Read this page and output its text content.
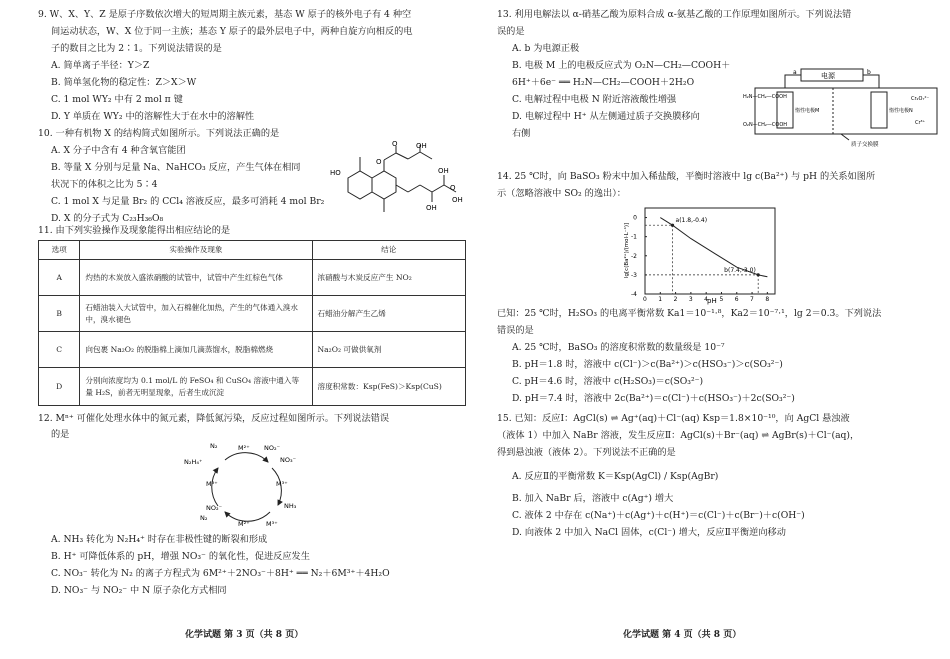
9. W、X、Y、Z 是原子序数依次增大的短周期主族元素，基态 W 原子的核外电子有 4 种空
间运动状态，W、X 位于同一主族；基态 Y 原子的最外层电子中，两种自旋方向相反的电
子的数目之比为 2∶1。下列说法错误的是
A. 简单离子半径：Y＞Z
B. 简单氢化物的稳定性：Z＞X＞W
C. 1 mol WY₂ 中有 2 mol π 键
D. Y 单质在 WY₂ 中的溶解性大于在水中的溶解性
10. 一种有机物 X 的结构简式如图所示。下列说法正确的是
A. X 分子中含有 4 种含氧官能团
B. 等量 X 分别与足量 Na、NaHCO₃ 反应，产生气体在相同
状况下的体积之比为 5∶4
C. 1 mol X 与足量 Br₂ 的 CCl₄ 溶液反应，最多可消耗 4 mol Br₂
D. X 的分子式为 C₂₃H₃₆O₈
HO
O
O	OH
OH
OH
O
OH
11. 由下列实验操作及现象能得出相应结论的是
选项	实验操作及现象	结论
A	灼热的木炭放入盛浓硝酸的试管中，试管中产生红棕色气体	浓硝酸与木炭反应产生 NO₂
B	石蜡油装入大试管中，加入石棉催化加热，产生的气体通入溴水中，溴水褪色	石蜡油分解产生乙烯
C	向包裹 Na₂O₂ 的脱脂棉上滴加几滴蒸馏水，脱脂棉燃烧	Na₂O₂ 可做供氧剂
D	分别向浓度均为 0.1 mol/L 的 FeSO₄ 和 CuSO₄ 溶液中通入等量 H₂S，前者无明显现象，后者生成沉淀	溶度积常数：Ksp(FeS)＞Ksp(CuS)
12. Mⁿ⁺ 可催化处理水体中的氮元素，降低氮污染，反应过程如图所示。下列说法错误
的是
N₂
N₂H₄⁺
M²⁺ NO₂⁻
NO₃⁻
M³⁺	M³⁺
NH₃
M²⁺
N₂
NO₂⁻
M³⁺
A. NH₃ 转化为 N₂H₄⁺ 时存在非极性键的断裂和形成
B. H⁺ 可降低体系的 pH，增强 NO₃⁻ 的氧化性，促进反应发生
C. NO₃⁻ 转化为 N₂ 的离子方程式为 6M²⁺＋2NO₃⁻＋8H⁺ ══ N₂＋6M³⁺＋4H₂O
D. NO₃⁻ 与 NO₂⁻ 中 N 原子杂化方式相同
化学试题 第 3 页（共 8 页）
13. 利用电解法以 α-硝基乙酸为原料合成 α-氨基乙酸的工作原理如图所示。下列说法错
误的是
A. b 为电源正极
B. 电极 M 上的电极反应式为 O₂N—CH₂—COOH＋
6H⁺＋6e⁻ ══ H₂N—CH₂—COOH＋2H₂O
C. 电解过程中电极 N 附近溶液酸性增强
D. 电解过程中 H⁺ 从左侧通过质子交换膜移向
右侧
a	电源	b
H₂N—CH₂—COOH
O₂N—CH₂—COOH
惰性电极M	惰性电极N
Cr₂O₇²⁻
Cr³⁺
质子交换膜
14. 25 ℃时，向 BaSO₃ 粉末中加入稀盐酸，平衡时溶液中 lg c(Ba²⁺) 与 pH 的关系如图所
示（忽略溶液中 SO₂ 的逸出）：
0 1 2 3 4 5 6 7 8
0
-1
-2
-3
-4
a(1.8,-0.4)
b(7.4,-3.0)
pH
lg[c(Ba²⁺)/(mol·L⁻¹)]
已知：25 ℃时，H₂SO₃ 的电离平衡常数 Ka1＝10⁻¹·⁸，Ka2＝10⁻⁷·¹，lg 2＝0.3。下列说法
错误的是
A. 25 ℃时，BaSO₃ 的溶度积常数的数量级是 10⁻⁷
B. pH＝1.8 时，溶液中 c(Cl⁻)＞c(Ba²⁺)＞c(HSO₃⁻)＞c(SO₃²⁻)
C. pH＝4.6 时，溶液中 c(H₂SO₃)＝c(SO₃²⁻)
D. pH＝7.4 时，溶液中 2c(Ba²⁺)＝c(Cl⁻)＋c(HSO₃⁻)＋2c(SO₃²⁻)
15. 已知：反应Ⅰ：AgCl(s) ⇌ Ag⁺(aq)＋Cl⁻(aq) Ksp＝1.8×10⁻¹⁰，向 AgCl 悬浊液
（液体 1）中加入 NaBr 溶液，发生反应Ⅱ：AgCl(s)＋Br⁻(aq) ⇌ AgBr(s)＋Cl⁻(aq)，
得到悬浊液（液体 2）。下列说法不正确的是
A. 反应Ⅱ的平衡常数 K＝Ksp(AgCl) / Ksp(AgBr)
B. 加入 NaBr 后，溶液中 c(Ag⁺) 增大
C. 液体 2 中存在 c(Na⁺)＋c(Ag⁺)＋c(H⁺)＝c(Cl⁻)＋c(Br⁻)＋c(OH⁻)
D. 向液体 2 中加入 NaCl 固体，c(Cl⁻) 增大，反应Ⅱ平衡逆向移动
化学试题 第 4 页（共 8 页）
